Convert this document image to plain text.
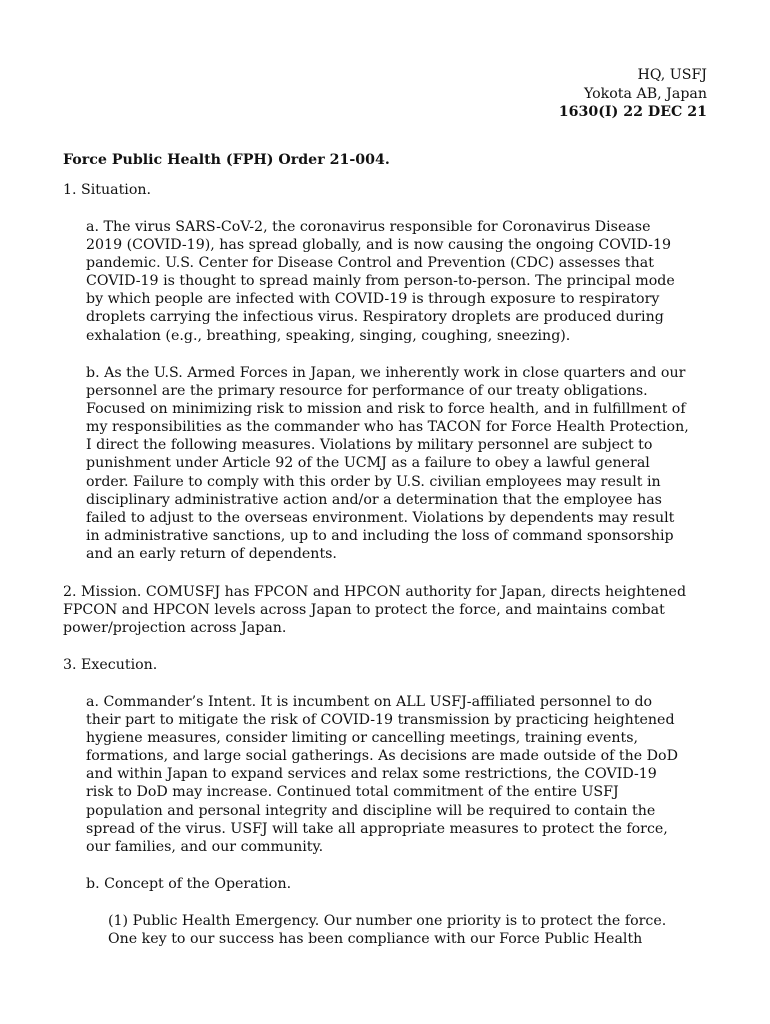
HQ, USFJ
Yokota AB, Japan
1630(I) 22 DEC 21
Force Public Health (FPH) Order 21-004.
1. Situation.
a. The virus SARS-CoV-2, the coronavirus responsible for Coronavirus Disease
2019 (COVID-19), has spread globally, and is now causing the ongoing COVID-19
pandemic. U.S. Center for Disease Control and Prevention (CDC) assesses that
COVID-19 is thought to spread mainly from person-to-person. The principal mode
by which people are infected with COVID-19 is through exposure to respiratory
droplets carrying the infectious virus. Respiratory droplets are produced during
exhalation (e.g., breathing, speaking, singing, coughing, sneezing).
b. As the U.S. Armed Forces in Japan, we inherently work in close quarters and our
personnel are the primary resource for performance of our treaty obligations.
Focused on minimizing risk to mission and risk to force health, and in fulfillment of
my responsibilities as the commander who has TACON for Force Health Protection,
I direct the following measures. Violations by military personnel are subject to
punishment under Article 92 of the UCMJ as a failure to obey a lawful general
order. Failure to comply with this order by U.S. civilian employees may result in
disciplinary administrative action and/or a determination that the employee has
failed to adjust to the overseas environment. Violations by dependents may result
in administrative sanctions, up to and including the loss of command sponsorship
and an early return of dependents.
2. Mission. COMUSFJ has FPCON and HPCON authority for Japan, directs heightened
FPCON and HPCON levels across Japan to protect the force, and maintains combat
power/projection across Japan.
3. Execution.
a. Commander’s Intent. It is incumbent on ALL USFJ-affiliated personnel to do
their part to mitigate the risk of COVID-19 transmission by practicing heightened
hygiene measures, consider limiting or cancelling meetings, training events,
formations, and large social gatherings. As decisions are made outside of the DoD
and within Japan to expand services and relax some restrictions, the COVID-19
risk to DoD may increase. Continued total commitment of the entire USFJ
population and personal integrity and discipline will be required to contain the
spread of the virus. USFJ will take all appropriate measures to protect the force,
our families, and our community.
b. Concept of the Operation.
(1) Public Health Emergency. Our number one priority is to protect the force.
One key to our success has been compliance with our Force Public Health
